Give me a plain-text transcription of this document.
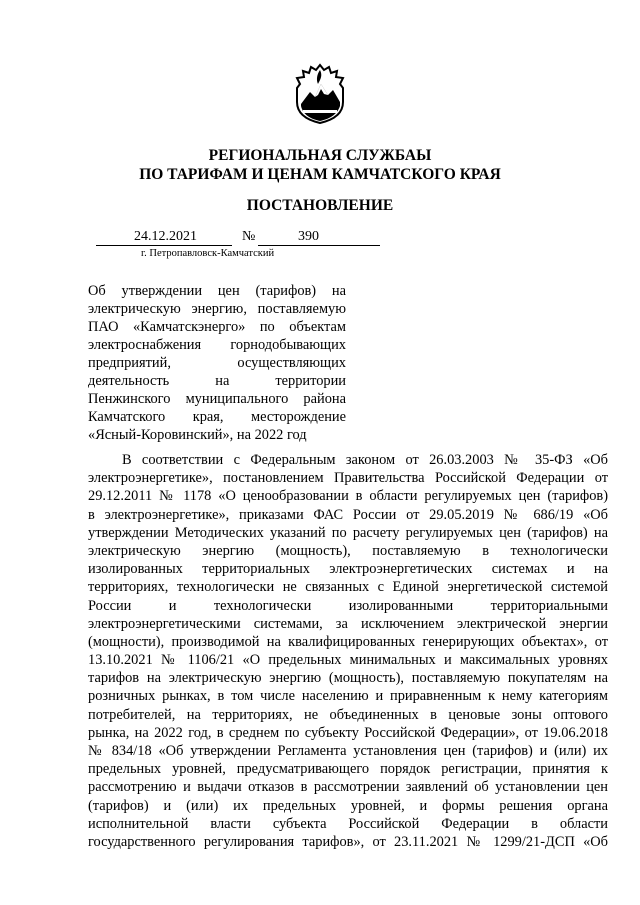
РЕГИОНАЛЬНАЯ СЛУЖБАЫ
ПО ТАРИФАМ И ЦЕНАМ КАМЧАТСКОГО КРАЯ
ПОСТАНОВЛЕНИЕ
24.12.2021	№	390
г. Петропавловск-Камчатский
Об утверждении цен (тарифов) на
электрическую энергию, поставляемую
ПАО «Камчатскэнерго» по объектам
электроснабжения горнодобывающих
предприятий, осуществляющих
деятельность на территории
Пенжинского муниципального района
Камчатского края, месторождение
«Ясный-Коровинский», на 2022 год
В соответствии с Федеральным законом от 26.03.2003 № 35-ФЗ «Об
электроэнергетике», постановлением Правительства Российской Федерации от
29.12.2011 № 1178 «О ценообразовании в области регулируемых цен (тарифов)
в электроэнергетике», приказами ФАС России от 29.05.2019 № 686/19 «Об
утверждении Методических указаний по расчету регулируемых цен (тарифов) на
электрическую энергию (мощность), поставляемую в технологически
изолированных территориальных электроэнергетических системах и на
территориях, технологически не связанных с Единой энергетической системой
России и технологически изолированными территориальными
электроэнергетическими системами, за исключением электрической энергии
(мощности), производимой на квалифицированных генерирующих объектах», от
13.10.2021 № 1106/21 «О предельных минимальных и максимальных уровнях
тарифов на электрическую энергию (мощность), поставляемую покупателям на
розничных рынках, в том числе населению и приравненным к нему категориям
потребителей, на территориях, не объединенных в ценовые зоны оптового
рынка, на 2022 год, в среднем по субъекту Российской Федерации», от 19.06.2018
№ 834/18 «Об утверждении Регламента установления цен (тарифов) и (или) их
предельных уровней, предусматривающего порядок регистрации, принятия к
рассмотрению и выдачи отказов в рассмотрении заявлений об установлении цен
(тарифов) и (или) их предельных уровней, и формы решения органа
исполнительной власти субъекта Российской Федерации в области
государственного регулирования тарифов», от 23.11.2021 № 1299/21-ДСП «Об
